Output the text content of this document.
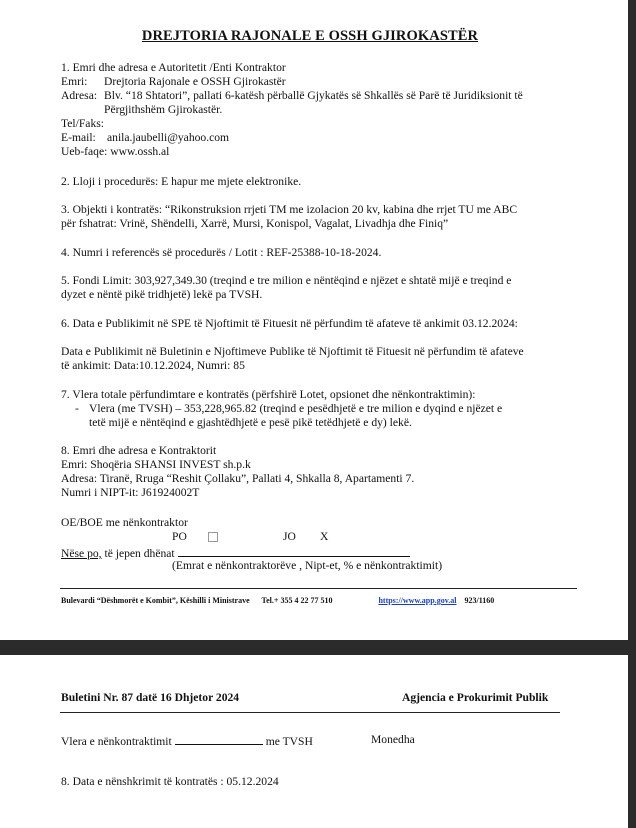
DREJTORIA RAJONALE E OSSH GJIROKASTËR
1. Emri dhe adresa e Autoritetit /Enti Kontraktor
Emri: Drejtoria Rajonale e OSSH Gjirokastër
Adresa: Blv. “18 Shtatori”, pallati 6-katësh përballë Gjykatës së Shkallës së Parë të Juridiksionit të
Përgjithshëm Gjirokastër.
Tel/Faks:
E-mail: anila.jaubelli@yahoo.com
Ueb-faqe: www.ossh.al
2. Lloji i procedurës: E hapur me mjete elektronike.
3. Objekti i kontratës: “Rikonstruksion rrjeti TM me izolacion 20 kv, kabina dhe rrjet TU me ABC
për fshatrat: Vrinë, Shëndelli, Xarrë, Mursi, Konispol, Vagalat, Livadhja dhe Finiq”
4. Numri i referencës së procedurës / Lotit : REF-25388-10-18-2024.
5. Fondi Limit: 303,927,349.30 (treqind e tre milion e nëntëqind e njëzet e shtatë mijë e treqind e
dyzet e nëntë pikë tridhjetë) lekë pa TVSH.
6. Data e Publikimit në SPE të Njoftimit të Fituesit në përfundim të afateve të ankimit 03.12.2024:
Data e Publikimit në Buletinin e Njoftimeve Publike të Njoftimit të Fituesit në përfundim të afateve
të ankimit: Data:10.12.2024, Numri: 85
7. Vlera totale përfundimtare e kontratës (përfshirë Lotet, opsionet dhe nënkontraktimin):
- Vlera (me TVSH) – 353,228,965.82 (treqind e pesëdhjetë e tre milion e dyqind e njëzet e
tetë mijë e nëntëqind e gjashtëdhjetë e pesë pikë tetëdhjetë e dy) lekë.
8. Emri dhe adresa e Kontraktorit
Emri: Shoqëria SHANSI INVEST sh.p.k
Adresa: Tiranë, Rruga “Reshit Çollaku”, Pallati 4, Shkalla 8, Apartamenti 7.
Numri i NIPT-it: J61924002T
OE/BOE me nënkontraktor
PO	JO X
Nëse po, të jepen dhënat
(Emrat e nënkontraktorëve , Nipt-et, % e nënkontraktimit)
Bulevardi “Dëshmorët e Kombit”, Këshilli i Ministrave Tel.+ 355 4 22 77 510	https://www.app.gov.al 923/1160
Buletini Nr. 87 datë 16 Dhjetor 2024	Agjencia e Prokurimit Publik
Vlera e nënkontraktimit	me TVSH	Monedha
8. Data e nënshkrimit të kontratës : 05.12.2024
